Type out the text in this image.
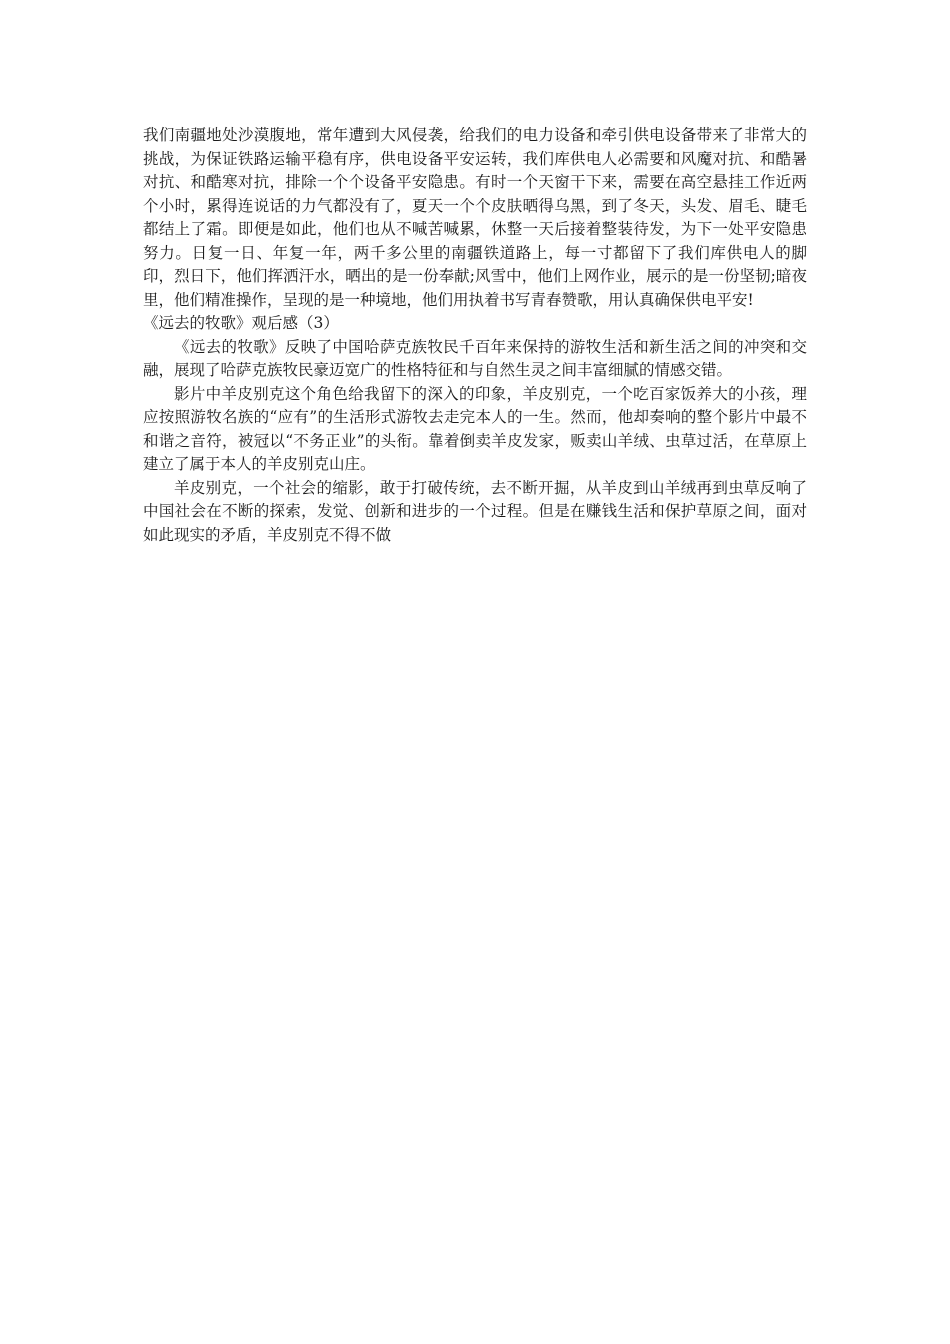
我们南疆地处沙漠腹地，常年遭到大风侵袭，给我们的电力设备和牵引供电设备带来了非常大的挑战，为保证铁路运输平稳有序，供电设备平安运转，我们库供电人必需要和风魔对抗、和酷暑对抗、和酷寒对抗，排除一个个设备平安隐患。有时一个天窗干下来，需要在高空悬挂工作近两个小时，累得连说话的力气都没有了，夏天一个个皮肤晒得乌黑，到了冬天，头发、眉毛、睫毛都结上了霜。即便是如此，他们也从不喊苦喊累，休整一天后接着整装待发，为下一处平安隐患努力。日复一日、年复一年，两千多公里的南疆铁道路上，每一寸都留下了我们库供电人的脚印，烈日下，他们挥洒汗水，晒出的是一份奉献;风雪中，他们上网作业，展示的是一份坚韧;暗夜里，他们精准操作，呈现的是一种境地，他们用执着书写青春赞歌，用认真确保供电平安!

《远去的牧歌》观后感（3）

《远去的牧歌》反映了中国哈萨克族牧民千百年来保持的游牧生活和新生活之间的冲突和交融，展现了哈萨克族牧民豪迈宽广的性格特征和与自然生灵之间丰富细腻的情感交错。

影片中羊皮别克这个角色给我留下的深入的印象，羊皮别克，一个吃百家饭养大的小孩，理应按照游牧名族的“应有”的生活形式游牧去走完本人的一生。然而，他却奏响的整个影片中最不和谐之音符，被冠以“不务正业”的头衔。靠着倒卖羊皮发家，贩卖山羊绒、虫草过活，在草原上建立了属于本人的羊皮别克山庄。

羊皮别克，一个社会的缩影，敢于打破传统，去不断开掘，从羊皮到山羊绒再到虫草反响了中国社会在不断的探索，发觉、创新和进步的一个过程。但是在赚钱生活和保护草原之间，面对如此现实的矛盾，羊皮别克不得不做
